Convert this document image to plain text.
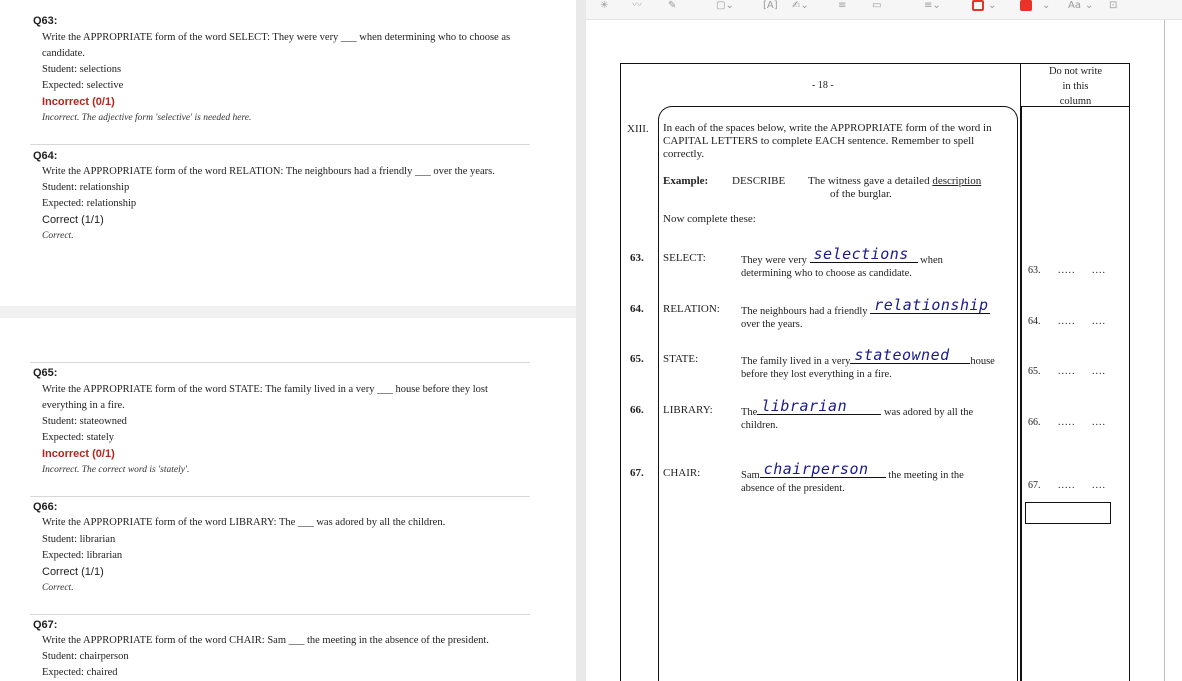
Q63:
Write the APPROPRIATE form of the word SELECT: They were very ___ when determining who to choose as candidate.
Student: selections
Expected: selective
Incorrect (0/1)
Incorrect. The adjective form 'selective' is needed here.
Q64:
Write the APPROPRIATE form of the word RELATION: The neighbours had a friendly ___ over the years.
Student: relationship
Expected: relationship
Correct (1/1)
Correct.
Q65:
Write the APPROPRIATE form of the word STATE: The family lived in a very ___ house before they lost everything in a fire.
Student: stateowned
Expected: stately
Incorrect (0/1)
Incorrect. The correct word is 'stately'.
Q66:
Write the APPROPRIATE form of the word LIBRARY: The ___ was adored by all the children.
Student: librarian
Expected: librarian
Correct (1/1)
Correct.
Q67:
Write the APPROPRIATE form of the word CHAIR: Sam ___ the meeting in the absence of the president.
Student: chairperson
Expected: chaired
✳ 〰	✎	▢⌄	[A] ✍⌄	≡	▭	≡⌄	⌄	⌄ Aa ⌄ ⊡
Do not write
in this
column
- 18 -
XIII. In each of the spaces below, write the APPROPRIATE form of the word in CAPITAL LETTERS to complete EACH sentence. Remember to spell correctly.
Example: DESCRIBE The witness gave a detailed description
of the burglar.
Now complete these:
63. SELECT:	They were very selections when
determining who to choose as candidate.	63. ..... ....
64. RELATION: The neighbours had a friendly relationship

over the years.	64. ..... ....
65. STATE:	The family lived in a very stateowned house
before they lost everything in a fire.	65. ..... ....
66. LIBRARY:	The librarian	was adored by all the
children.	66. ..... ....
67. CHAIR:	Sam chairperson the meeting in the
absence of the president.	67. ..... ....
